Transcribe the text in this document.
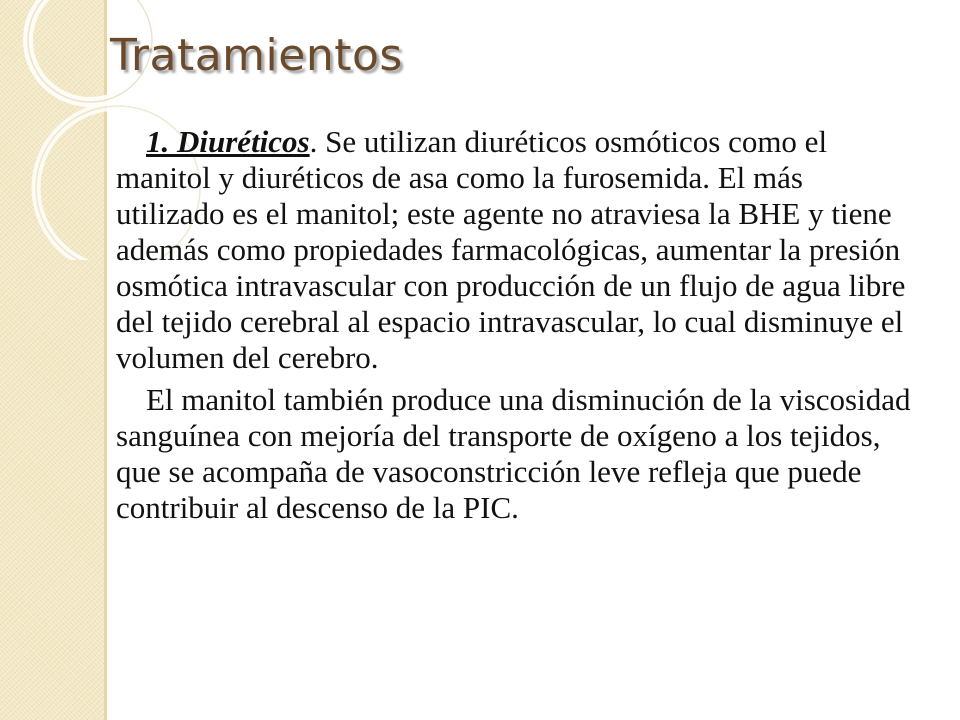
Tratamientos

1. Diuréticos. Se utilizan diuréticos osmóticos como el manitol y diuréticos de asa como la furosemida. El más utilizado es el manitol; este agente no atraviesa la BHE y tiene además como propiedades farmacológicas, aumentar la presión osmótica intravascular con producción de un flujo de agua libre del tejido cerebral al espacio intravascular, lo cual disminuye el volumen del cerebro.

El manitol también produce una disminución de la viscosidad sanguínea con mejoría del transporte de oxígeno a los tejidos, que se acompaña de vasoconstricción leve refleja que puede contribuir al descenso de la PIC.
